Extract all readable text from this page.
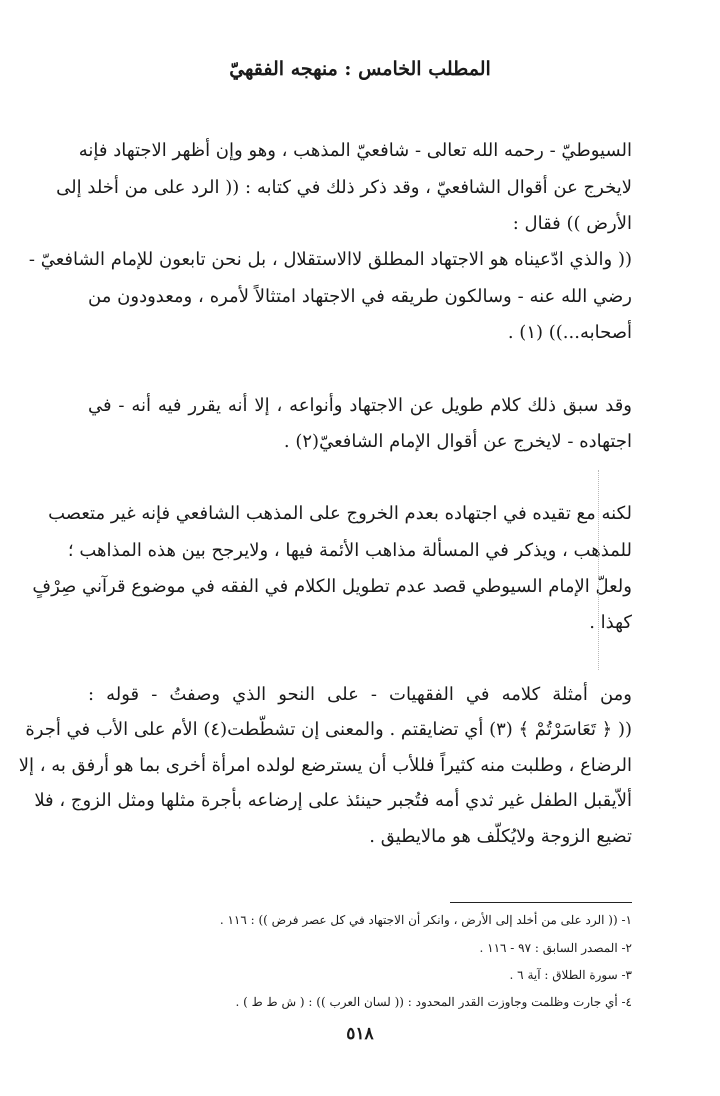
المطلب الخامس : منهجه الفقهيّ
السيوطيّ - رحمه الله تعالى - شافعيّ المذهب ، وهو وإن أظهر الاجتهاد فإنه
لايخرج عن أقوال الشافعيّ ، وقد ذكر ذلك في كتابه : (( الرد على من أخلد إلى
الأرض )) فقال :
(( والذي ادّعيناه هو الاجتهاد المطلق لاالاستقلال ، بل نحن تابعون للإمام الشافعيّ -
رضي الله عنه - وسالكون طريقه في الاجتهاد امتثالاً لأمره ، ومعدودون من
أصحابه...)) (١) .
وقد سبق ذلك كلام طويل عن الاجتهاد وأنواعه ، إلا أنه يقرر فيه أنه - في
اجتهاده - لايخرج عن أقوال الإمام الشافعيّ(٢) .
لكنه مع تقيده في اجتهاده بعدم الخروج على المذهب الشافعي فإنه غير متعصب
للمذهب ، ويذكر في المسألة مذاهب الأئمة فيها ، ولايرجح بين هذه المذاهب ؛
ولعلّ الإمام السيوطي قصد عدم تطويل الكلام في الفقه في موضوع قرآني صِرْفٍ
كهذا .
ومن أمثلة كلامه في الفقهيات - على النحو الذي وصفتُ - قوله :
(( ﴿ تَعَاسَرْتُمْ ﴾ (٣) أي تضايقتم . والمعنى إن تشطّطت(٤) الأم على الأب في أجرة
الرضاع ، وطلبت منه كثيراً فللأب أن يسترضع لولده امرأة أخرى بما هو أرفق به ، إلا
ألاّيقبل الطفل غير ثدي أمه فتُجبر حينئذ على إرضاعه بأجرة مثلها ومثل الزوج ، فلا
تضيع الزوجة ولايُكلّف هو مالايطيق .
١- (( الرد على من أخلد إلى الأرض ، وانكر أن الاجتهاد في كل عصر فرض )) : ١١٦ .
٢- المصدر السابق : ٩٧ - ١١٦ .
٣- سورة الطلاق : آية ٦ .
٤- أي جارت وظلمت وجاوزت القدر المحدود : (( لسان العرب )) : ( ش ط ط ) .
٥١٨
